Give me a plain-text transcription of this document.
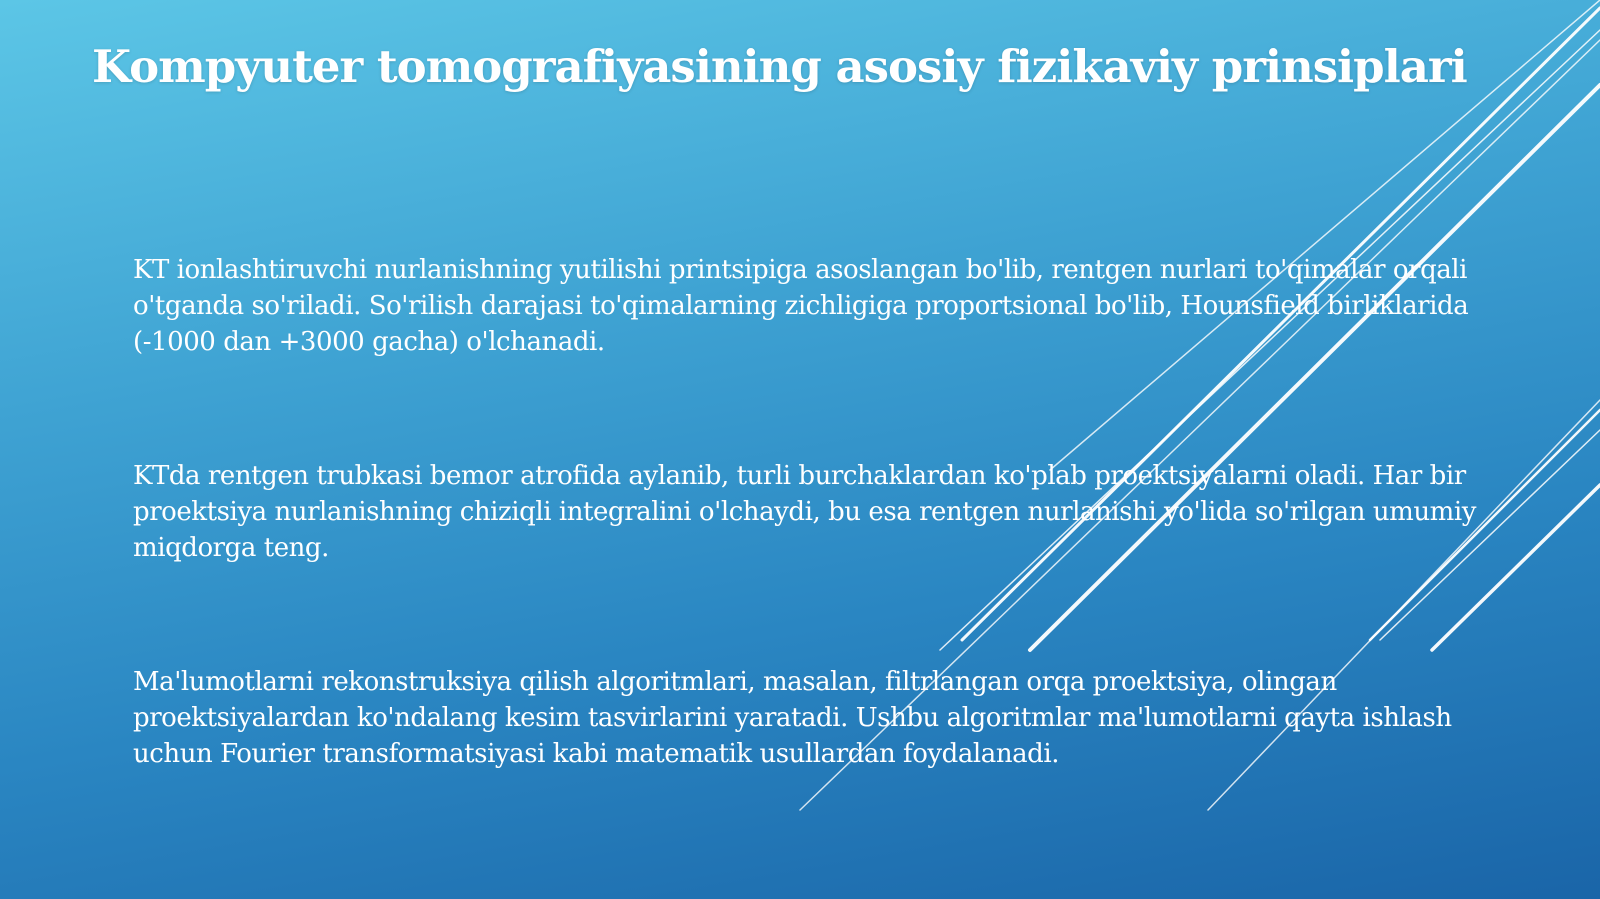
Kompyuter tomografiyasining asosiy fizikaviy prinsiplari

KT ionlashtiruvchi nurlanishning yutilishi printsipiga asoslangan bo'lib, rentgen nurlari to'qimalar orqali o'tganda so'riladi. So'rilish darajasi to'qimalarning zichligiga proportsional bo'lib, Hounsfield birliklarida (-1000 dan +3000 gacha) o'lchanadi.

KTda rentgen trubkasi bemor atrofida aylanib, turli burchaklardan ko'plab proektsiyalarni oladi. Har bir proektsiya nurlanishning chiziqli integralini o'lchaydi, bu esa rentgen nurlanishi yo'lida so'rilgan umumiy miqdorga teng.

Ma'lumotlarni rekonstruksiya qilish algoritmlari, masalan, filtrlangan orqa proektsiya, olingan proektsiyalardan ko'ndalang kesim tasvirlarini yaratadi. Ushbu algoritmlar ma'lumotlarni qayta ishlash uchun Fourier transformatsiyasi kabi matematik usullardan foydalanadi.
